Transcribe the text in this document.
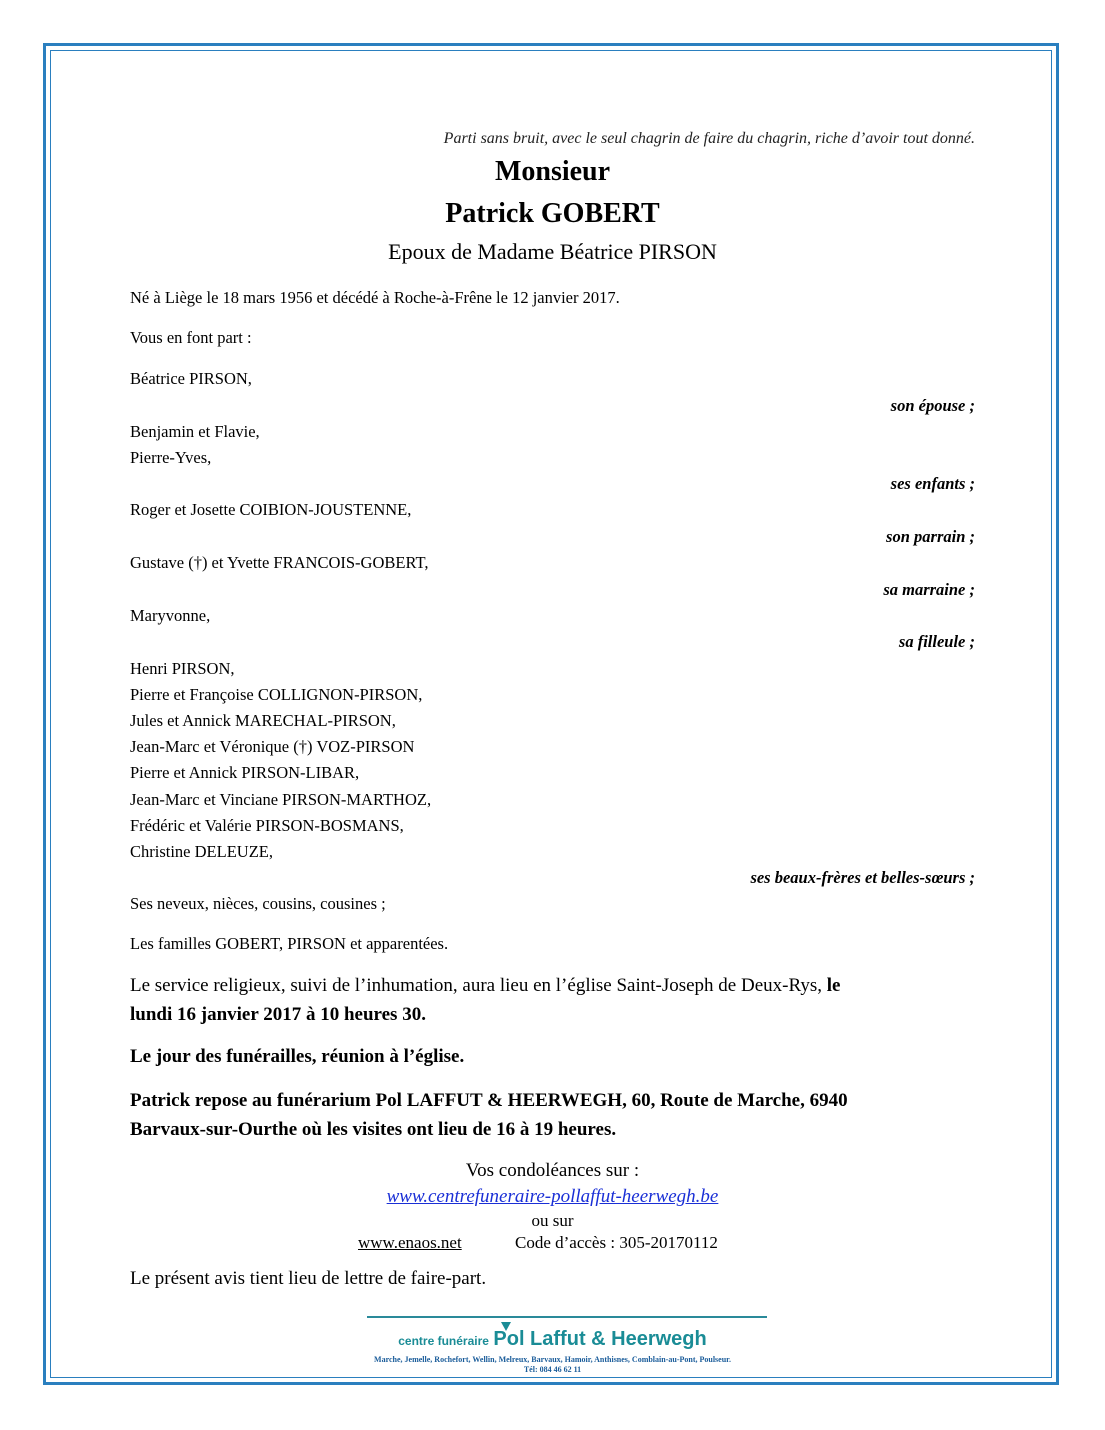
Parti sans bruit, avec le seul chagrin de faire du chagrin, riche d’avoir tout donné.

Monsieur

Patrick GOBERT

Epoux de Madame Béatrice PIRSON

Né à Liège le 18 mars 1956 et décédé à Roche-à-Frêne le 12 janvier 2017.

Vous en font part :

Béatrice PIRSON,

son épouse ;

Benjamin et Flavie,

Pierre-Yves,

ses enfants ;

Roger et Josette COIBION-JOUSTENNE,

son parrain ;

Gustave (†) et Yvette FRANCOIS-GOBERT,

sa marraine ;

Maryvonne,

sa filleule ;

Henri PIRSON,

Pierre et Françoise COLLIGNON-PIRSON,

Jules et Annick MARECHAL-PIRSON,

Jean-Marc et Véronique (†) VOZ-PIRSON

Pierre et Annick PIRSON-LIBAR,

Jean-Marc et Vinciane PIRSON-MARTHOZ,

Frédéric et Valérie PIRSON-BOSMANS,

Christine DELEUZE,

ses beaux-frères et belles-sœurs ;

Ses neveux, nièces, cousins, cousines ;

Les familles GOBERT, PIRSON et apparentées.

Le service religieux, suivi de l’inhumation, aura lieu en l’église Saint-Joseph de Deux-Rys, le

lundi 16 janvier 2017 à 10 heures 30.

Le jour des funérailles, réunion à l’église.

Patrick repose au funérarium Pol LAFFUT & HEERWEGH, 60, Route de Marche, 6940

Barvaux-sur-Ourthe où les visites ont lieu de 16 à 19 heures.

Vos condoléances sur :

www.centrefuneraire-pollaffut-heerwegh.be

ou sur

www.enaos.net	Code d’accès : 305-20170112

Le présent avis tient lieu de lettre de faire-part.

centre funéraire Pol Laffut & Heerwegh

Marche, Jemelle, Rochefort, Wellin, Melreux, Barvaux, Hamoir, Anthisnes, Comblain-au-Pont, Poulseur.

Tél: 084 46 62 11
